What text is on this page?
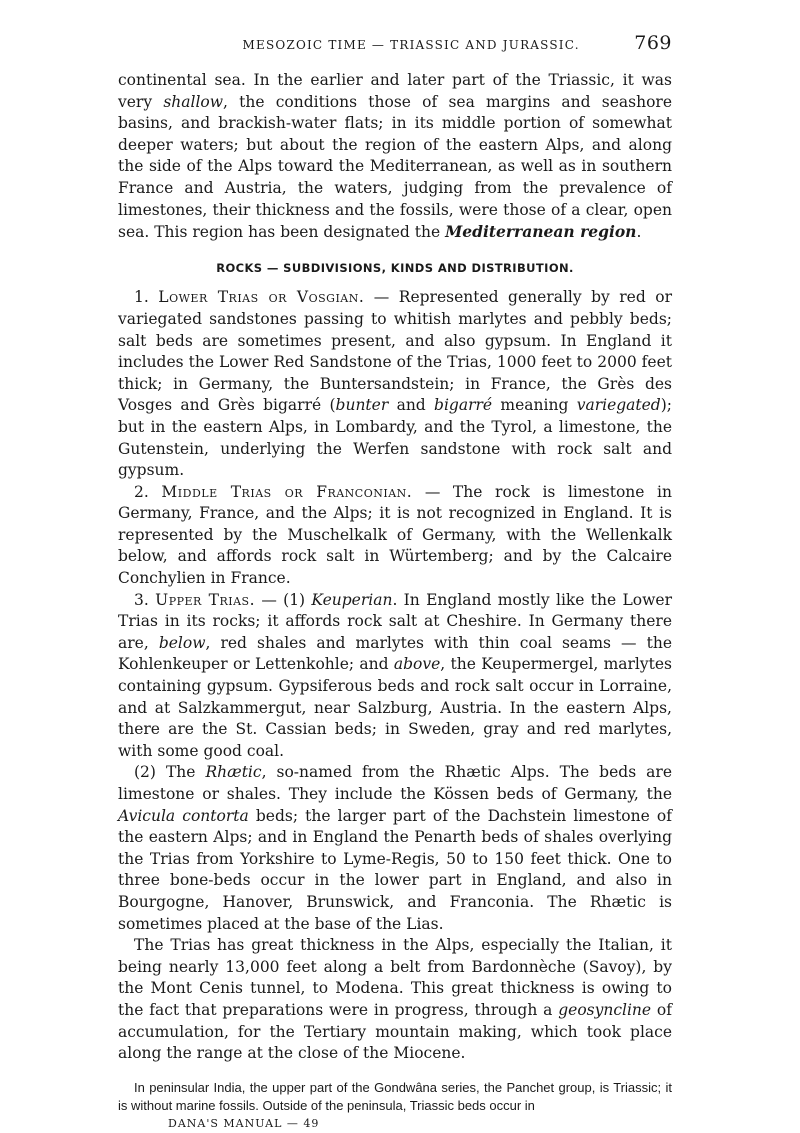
MESOZOIC TIME — TRIASSIC AND JURASSIC.	769

continental sea. In the earlier and later part of the Triassic, it was very shallow, the conditions those of sea margins and seashore basins, and brackish-water flats; in its middle portion of somewhat deeper waters; but about the region of the eastern Alps, and along the side of the Alps toward the Mediterranean, as well as in southern France and Austria, the waters, judging from the prevalence of limestones, their thickness and the fossils, were those of a clear, open sea. This region has been designated the Mediterranean region.

ROCKS — SUBDIVISIONS, KINDS AND DISTRIBUTION.

1. Lower Trias or Vosgian. — Represented generally by red or variegated sandstones passing to whitish marlytes and pebbly beds; salt beds are sometimes present, and also gypsum. In England it includes the Lower Red Sandstone of the Trias, 1000 feet to 2000 feet thick; in Germany, the Buntersandstein; in France, the Grès des Vosges and Grès bigarré (bunter and bigarré meaning variegated); but in the eastern Alps, in Lombardy, and the Tyrol, a limestone, the Gutenstein, underlying the Werfen sandstone with rock salt and gypsum.

2. Middle Trias or Franconian. — The rock is limestone in Germany, France, and the Alps; it is not recognized in England. It is represented by the Muschelkalk of Germany, with the Wellenkalk below, and affords rock salt in Würtemberg; and by the Calcaire Conchylien in France.

3. Upper Trias. — (1) Keuperian. In England mostly like the Lower Trias in its rocks; it affords rock salt at Cheshire. In Germany there are, below, red shales and marlytes with thin coal seams — the Kohlenkeuper or Lettenkohle; and above, the Keupermergel, marlytes containing gypsum. Gypsiferous beds and rock salt occur in Lorraine, and at Salzkammergut, near Salzburg, Austria. In the eastern Alps, there are the St. Cassian beds; in Sweden, gray and red marlytes, with some good coal.

(2) The Rhætic, so-named from the Rhætic Alps. The beds are limestone or shales. They include the Kössen beds of Germany, the Avicula contorta beds; the larger part of the Dachstein limestone of the eastern Alps; and in England the Penarth beds of shales overlying the Trias from Yorkshire to Lyme-Regis, 50 to 150 feet thick. One to three bone-beds occur in the lower part in England, and also in Bourgogne, Hanover, Brunswick, and Franconia. The Rhætic is sometimes placed at the base of the Lias.

The Trias has great thickness in the Alps, especially the Italian, it being nearly 13,000 feet along a belt from Bardonnèche (Savoy), by the Mont Cenis tunnel, to Modena. This great thickness is owing to the fact that preparations were in progress, through a geosyncline of accumulation, for the Tertiary mountain making, which took place along the range at the close of the Miocene.

In peninsular India, the upper part of the Gondwâna series, the Panchet group, is Triassic; it is without marine fossils. Outside of the peninsula, Triassic beds occur in

DANA'S MANUAL — 49
